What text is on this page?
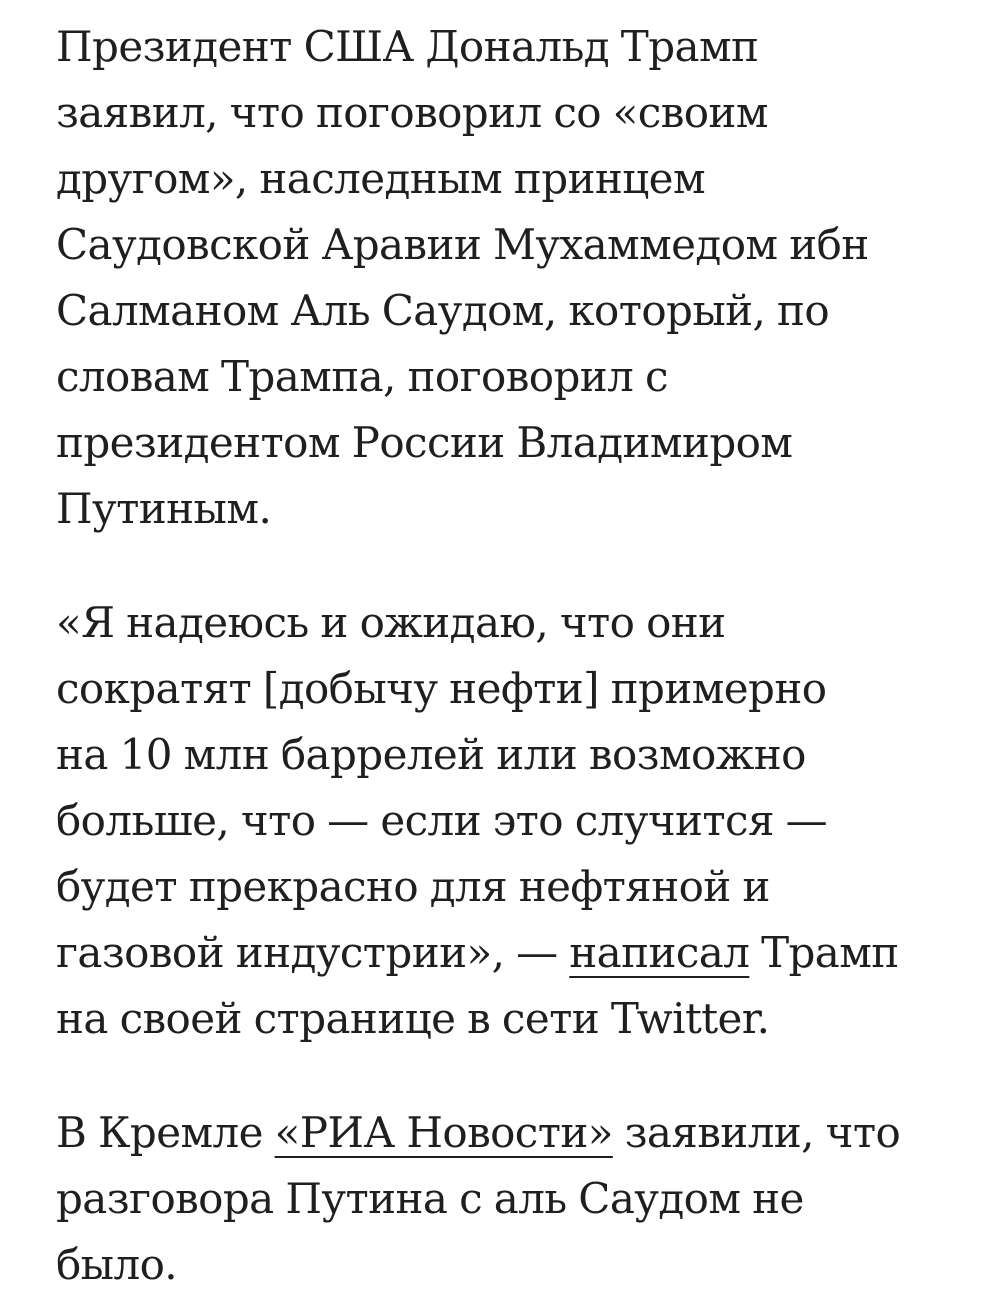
Президент США Дональд Трамп
заявил, что поговорил со «своим
другом», наследным принцем
Саудовской Аравии Мухаммедом ибн
Салманом Аль Саудом, который, по
словам Трампа, поговорил с
президентом России Владимиром
Путиным.

«Я надеюсь и ожидаю, что они
сократят [добычу нефти] примерно
на 10 млн баррелей или возможно
больше, что — если это случится —
будет прекрасно для нефтяной и
газовой индустрии», — написал Трамп
на своей странице в сети Twitter.

В Кремле «РИА Новости» заявили, что
разговора Путина с аль Саудом не
было.
